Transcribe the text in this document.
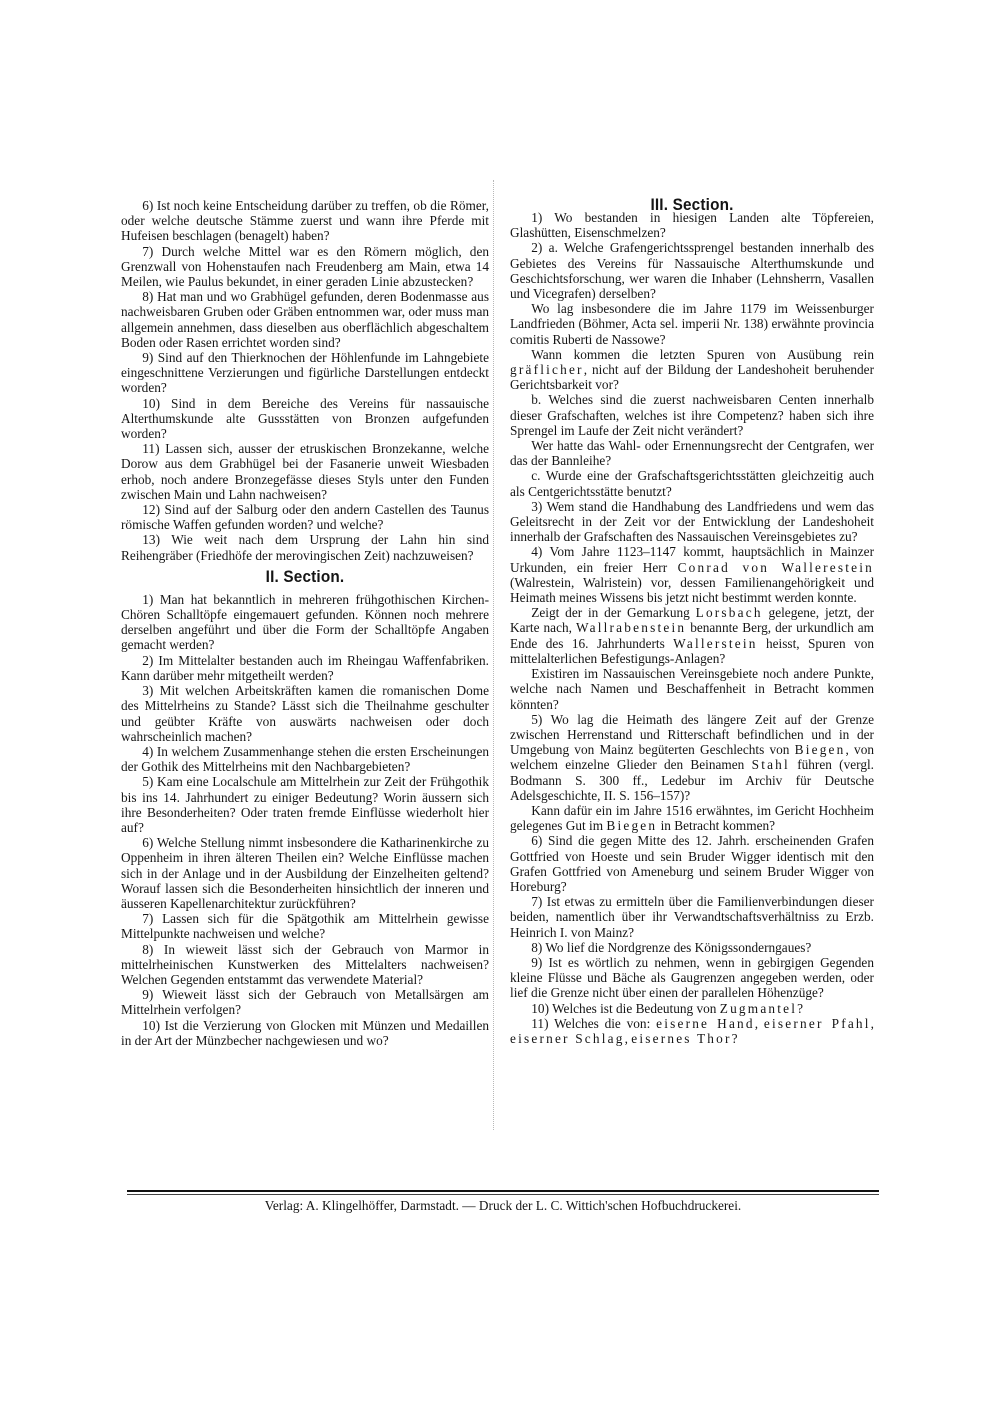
6) Ist noch keine Entscheidung darüber zu treffen, ob die Römer, oder welche deutsche Stämme zuerst und wann ihre Pferde mit Hufeisen beschlagen (benagelt) haben?

7) Durch welche Mittel war es den Römern möglich, den Grenzwall von Hohenstaufen nach Freudenberg am Main, etwa 14 Meilen, wie Paulus bekundet, in einer geraden Linie abzustecken?

8) Hat man und wo Grabhügel gefunden, deren Bodenmasse aus nachweisbaren Gruben oder Gräben entnommen war, oder muss man allgemein annehmen, dass dieselben aus oberflächlich abgeschaltem Boden oder Rasen errichtet worden sind?

9) Sind auf den Thierknochen der Höhlenfunde im Lahngebiete eingeschnittene Verzierungen und figürliche Darstellungen entdeckt worden?

10) Sind in dem Bereiche des Vereins für nassauische Alterthumskunde alte Gussstätten von Bronzen aufgefunden worden?

11) Lassen sich, ausser der etruskischen Bronzekanne, welche Dorow aus dem Grabhügel bei der Fasanerie unweit Wiesbaden erhob, noch andere Bronzegefässe dieses Styls unter den Funden zwischen Main und Lahn nachweisen?

12) Sind auf der Salburg oder den andern Castellen des Taunus römische Waffen gefunden worden? und welche?

13) Wie weit nach dem Ursprung der Lahn hin sind Reihengräber (Friedhöfe der merovingischen Zeit) nachzuweisen?

II. Section.

1) Man hat bekanntlich in mehreren frühgothischen Kirchen-Chören Schalltöpfe eingemauert gefunden. Können noch mehrere derselben angeführt und über die Form der Schalltöpfe Angaben gemacht werden?

2) Im Mittelalter bestanden auch im Rheingau Waffenfabriken. Kann darüber mehr mitgetheilt werden?

3) Mit welchen Arbeitskräften kamen die romanischen Dome des Mittelrheins zu Stande? Lässt sich die Theilnahme geschulter und geübter Kräfte von auswärts nachweisen oder doch wahrscheinlich machen?

4) In welchem Zusammenhange stehen die ersten Erscheinungen der Gothik des Mittelrheins mit den Nachbargebieten?

5) Kam eine Localschule am Mittelrhein zur Zeit der Frühgothik bis ins 14. Jahrhundert zu einiger Bedeutung? Worin äussern sich ihre Besonderheiten? Oder traten fremde Einflüsse wiederholt hier auf?

6) Welche Stellung nimmt insbesondere die Katharinenkirche zu Oppenheim in ihren älteren Theilen ein? Welche Einflüsse machen sich in der Anlage und in der Ausbildung der Einzelheiten geltend? Worauf lassen sich die Besonderheiten hinsichtlich der inneren und äusseren Kapellenarchitektur zurückführen?

7) Lassen sich für die Spätgothik am Mittelrhein gewisse Mittelpunkte nachweisen und welche?

8) In wieweit lässt sich der Gebrauch von Marmor in mittelrheinischen Kunstwerken des Mittelalters nachweisen? Welchen Gegenden entstammt das verwendete Material?

9) Wieweit lässt sich der Gebrauch von Metallsärgen am Mittelrhein verfolgen?

10) Ist die Verzierung von Glocken mit Münzen und Medaillen in der Art der Münzbecher nachgewiesen und wo?

III. Section.

1) Wo bestanden in hiesigen Landen alte Töpfereien, Glashütten, Eisenschmelzen?

2) a. Welche Grafengerichtssprengel bestanden innerhalb des Gebietes des Vereins für Nassauische Alterthumskunde und Geschichtsforschung, wer waren die Inhaber (Lehnsherrn, Vasallen und Vicegrafen) derselben?

Wo lag insbesondere die im Jahre 1179 im Weissenburger Landfrieden (Böhmer, Acta sel. imperii Nr. 138) erwähnte provincia comitis Ruberti de Nassowe?

Wann kommen die letzten Spuren von Ausübung rein gräflicher, nicht auf der Bildung der Landeshoheit beruhender Gerichtsbarkeit vor?

b. Welches sind die zuerst nachweisbaren Centen innerhalb dieser Grafschaften, welches ist ihre Competenz? haben sich ihre Sprengel im Laufe der Zeit nicht verändert?

Wer hatte das Wahl- oder Ernennungsrecht der Centgrafen, wer das der Bannleihe?

c. Wurde eine der Grafschaftsgerichtsstätten gleichzeitig auch als Centgerichtsstätte benutzt?

3) Wem stand die Handhabung des Landfriedens und wem das Geleitsrecht in der Zeit vor der Entwicklung der Landeshoheit innerhalb der Grafschaften des Nassauischen Vereinsgebietes zu?

4) Vom Jahre 1123–1147 kommt, hauptsächlich in Mainzer Urkunden, ein freier Herr Conrad von Wallerestein (Walrestein, Walristein) vor, dessen Familienangehörigkeit und Heimath meines Wissens bis jetzt nicht bestimmt werden konnte.

Zeigt der in der Gemarkung Lorsbach gelegene, jetzt, der Karte nach, Wallrabenstein benannte Berg, der urkundlich am Ende des 16. Jahrhunderts Wallerstein heisst, Spuren von mittelalterlichen Befestigungs-Anlagen?

Existiren im Nassauischen Vereinsgebiete noch andere Punkte, welche nach Namen und Beschaffenheit in Betracht kommen könnten?

5) Wo lag die Heimath des längere Zeit auf der Grenze zwischen Herrenstand und Ritterschaft befindlichen und in der Umgebung von Mainz begüterten Geschlechts von Biegen, von welchem einzelne Glieder den Beinamen Stahl führen (vergl. Bodmann S. 300 ff., Ledebur im Archiv für Deutsche Adelsgeschichte, II. S. 156–157)?

Kann dafür ein im Jahre 1516 erwähntes, im Gericht Hochheim gelegenes Gut im Biegen in Betracht kommen?

6) Sind die gegen Mitte des 12. Jahrh. erscheinenden Grafen Gottfried von Hoeste und sein Bruder Wigger identisch mit den Grafen Gottfried von Ameneburg und seinem Bruder Wigger von Horeburg?

7) Ist etwas zu ermitteln über die Familienverbindungen dieser beiden, namentlich über ihr Verwandtschaftsverhältniss zu Erzb. Heinrich I. von Mainz?

8) Wo lief die Nordgrenze des Königssonderngaues?

9) Ist es wörtlich zu nehmen, wenn in gebirgigen Gegenden kleine Flüsse und Bäche als Gaugrenzen angegeben werden, oder lief die Grenze nicht über einen der parallelen Höhenzüge?

10) Welches ist die Bedeutung von Zugmantel?

11) Welches die von: eiserne Hand, eiserner Pfahl, eiserner Schlag, eisernes Thor?

Verlag: A. Klingelhöffer, Darmstadt. — Druck der L. C. Wittich'schen Hofbuchdruckerei.
